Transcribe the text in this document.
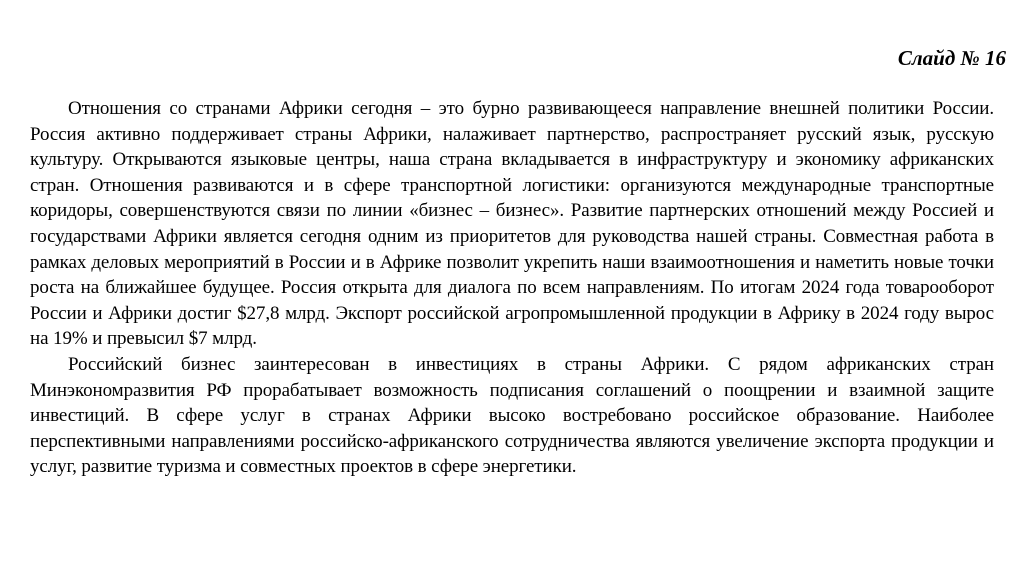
Слайд № 16

Отношения со странами Африки сегодня – это бурно развивающееся направление внешней политики России. Россия активно поддерживает страны Африки, налаживает партнерство, распространяет русский язык, русскую культуру. Открываются языковые центры, наша страна вкладывается в инфраструктуру и экономику африканских стран. Отношения развиваются и в сфере транспортной логистики: организуются международные транспортные коридоры, совершенствуются связи по линии «бизнес – бизнес». Развитие партнерских отношений между Россией и государствами Африки является сегодня одним из приоритетов для руководства нашей страны. Совместная работа в рамках деловых мероприятий в России и в Африке позволит укрепить наши взаимоотношения и наметить новые точки роста на ближайшее будущее. Россия открыта для диалога по всем направлениям. По итогам 2024 года товарооборот России и Африки достиг $27,8 млрд. Экспорт российской агропромышленной продукции в Африку в 2024 году вырос на 19% и превысил $7 млрд.

Российский бизнес заинтересован в инвестициях в страны Африки. С рядом африканских стран Минэкономразвития РФ прорабатывает возможность подписания соглашений о поощрении и взаимной защите инвестиций. В сфере услуг в странах Африки высоко востребовано российское образование. Наиболее перспективными направлениями российско-африканского сотрудничества являются увеличение экспорта продукции и услуг, развитие туризма и совместных проектов в сфере энергетики.
